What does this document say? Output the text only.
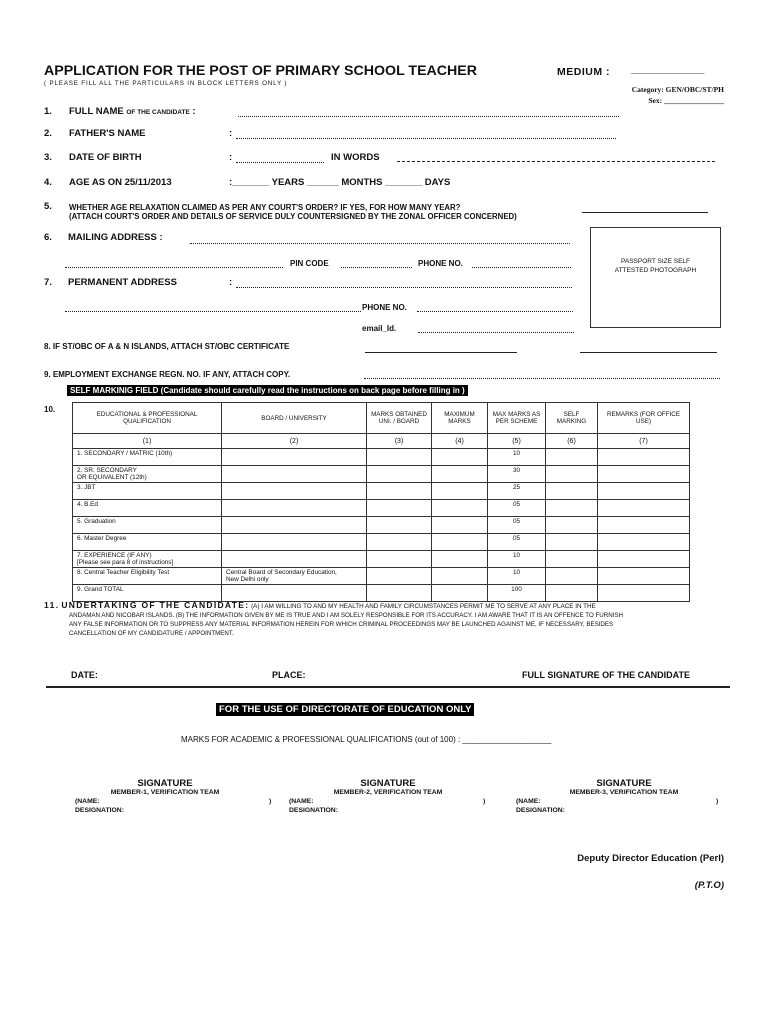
APPLICATION FOR THE POST OF PRIMARY SCHOOL TEACHER	MEDIUM : ____________
( PLEASE FILL ALL THE PARTICULARS IN BLOCK LETTERS ONLY )
Category: GEN/OBC/ST/PH
Sex: ________________
1. FULL NAME OF THE CANDIDATE :
2. FATHER'S NAME	:
3. DATE OF BIRTH	:	IN WORDS
4. AGE AS ON 25/11/2013	:_______ YEARS ______ MONTHS _______ DAYS
5. WHETHER AGE RELAXATION CLAIMED AS PER ANY COURT'S ORDER? IF YES, FOR HOW MANY YEAR?
(ATTACH COURT'S ORDER AND DETAILS OF SERVICE DULY COUNTERSIGNED BY THE ZONAL OFFICER CONCERNED)
6. MAILING ADDRESS :
PIN CODE	PHONE NO.	PASSPORT SIZE SELF
ATTESTED PHOTOGRAPH
7. PERMANENT ADDRESS	:
PHONE NO.
email_Id.
8. IF ST/OBC OF A & N ISLANDS, ATTACH ST/OBC CERTIFICATE
9. EMPLOYMENT EXCHANGE REGN. NO. IF ANY, ATTACH COPY.
SELF MARKINIG FIELD (Candidate should carefully read the instructions on back page before filling in )
10.
EDUCATIONAL & PROFESSIONAL QUALIFICATION	BOARD / UNIVERSITY	MARKS OBTAINED UNI. / BOARD	MAXIMUM MARKS	MAX MARKS AS PER SCHEME	SELF MARKING	REMARKS (FOR OFFICE USE)
(1)	(2)	(3)	(4)	(5)	(6)	(7)
1. SECONDARY / MATRIC (10th)				10		
2. SR. SECONDARY
OR EQUIVALENT (12th)				30		
3. JBT				25		
4. B.Ed				05		
5. Graduation				05		
6. Master Degree				05		
7. EXPERIENCE (IF ANY)
[Please see para 8 of instructions]				10		
8. Central Teacher Eligibility Test	Central Board of Secondary Education,
New Delhi only			10		
9. Grand TOTAL				100		
11. UNDERTAKING OF THE CANDIDATE: (A) I AM WILLING TO AND MY HEALTH AND FAMILY CIRCUMSTANCES PERMIT ME TO SERVE AT ANY PLACE IN THE
ANDAMAN AND NICOBAR ISLANDS. (B) THE INFORMATION GIVEN BY ME IS TRUE AND I AM SOLELY RESPONSIBLE FOR ITS ACCURACY. I AM AWARE THAT IT IS AN OFFENCE TO FURNISH
ANY FALSE INFORMATION OR TO SUPPRESS ANY MATERIAL INFORMATION HEREIN FOR WHICH CRIMINAL PROCEEDINGS MAY BE LAUNCHED AGAINST ME, IF NECESSARY, BESIDES
CANCELLATION OF MY CANDIDATURE / APPOINTMENT.
DATE:	PLACE:	FULL SIGNATURE OF THE CANDIDATE
FOR THE USE OF DIRECTORATE OF EDUCATION ONLY
MARKS FOR ACADEMIC & PROFESSIONAL QUALIFICATIONS (out of 100) : ____________________
SIGNATURE
MEMBER-1, VERIFICATION TEAM
(NAME:	)
DESIGNATION:
SIGNATURE
MEMBER-2, VERIFICATION TEAM
(NAME:	)
DESIGNATION:
SIGNATURE
MEMBER-3, VERIFICATION TEAM
(NAME:	)
DESIGNATION:
Deputy Director Education (Perl)
(P.T.O)
